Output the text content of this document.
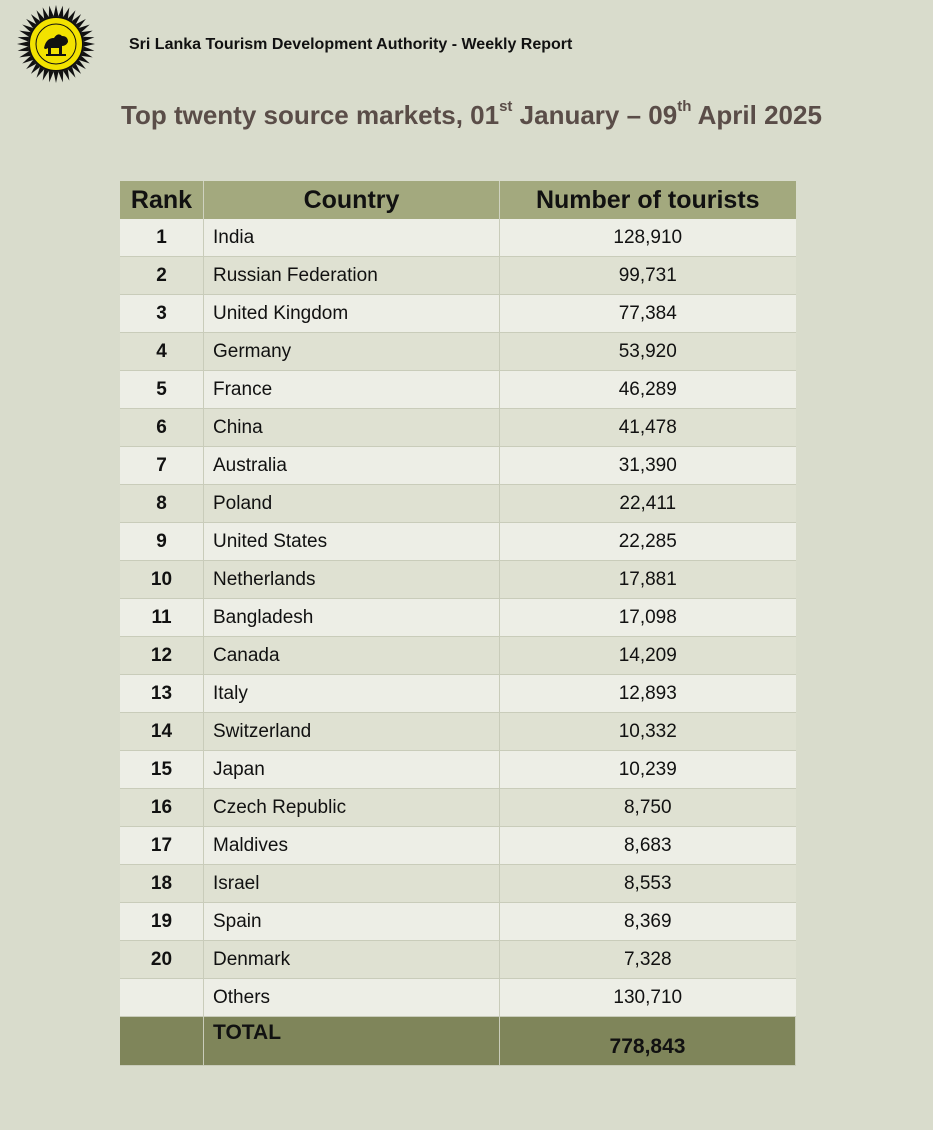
Sri Lanka Tourism Development Authority - Weekly Report
Top twenty source markets, 01st January – 09th April 2025
Rank	Country	Number of tourists
1	India	128,910
2	Russian Federation	99,731
3	United Kingdom	77,384
4	Germany	53,920
5	France	46,289
6	China	41,478
7	Australia	31,390
8	Poland	22,411
9	United States	22,285
10	Netherlands	17,881
11	Bangladesh	17,098
12	Canada	14,209
13	Italy	12,893
14	Switzerland	10,332
15	Japan	10,239
16	Czech Republic	8,750
17	Maldives	8,683
18	Israel	8,553
19	Spain	8,369
20	Denmark	7,328
	Others	130,710
	TOTAL	778,843
